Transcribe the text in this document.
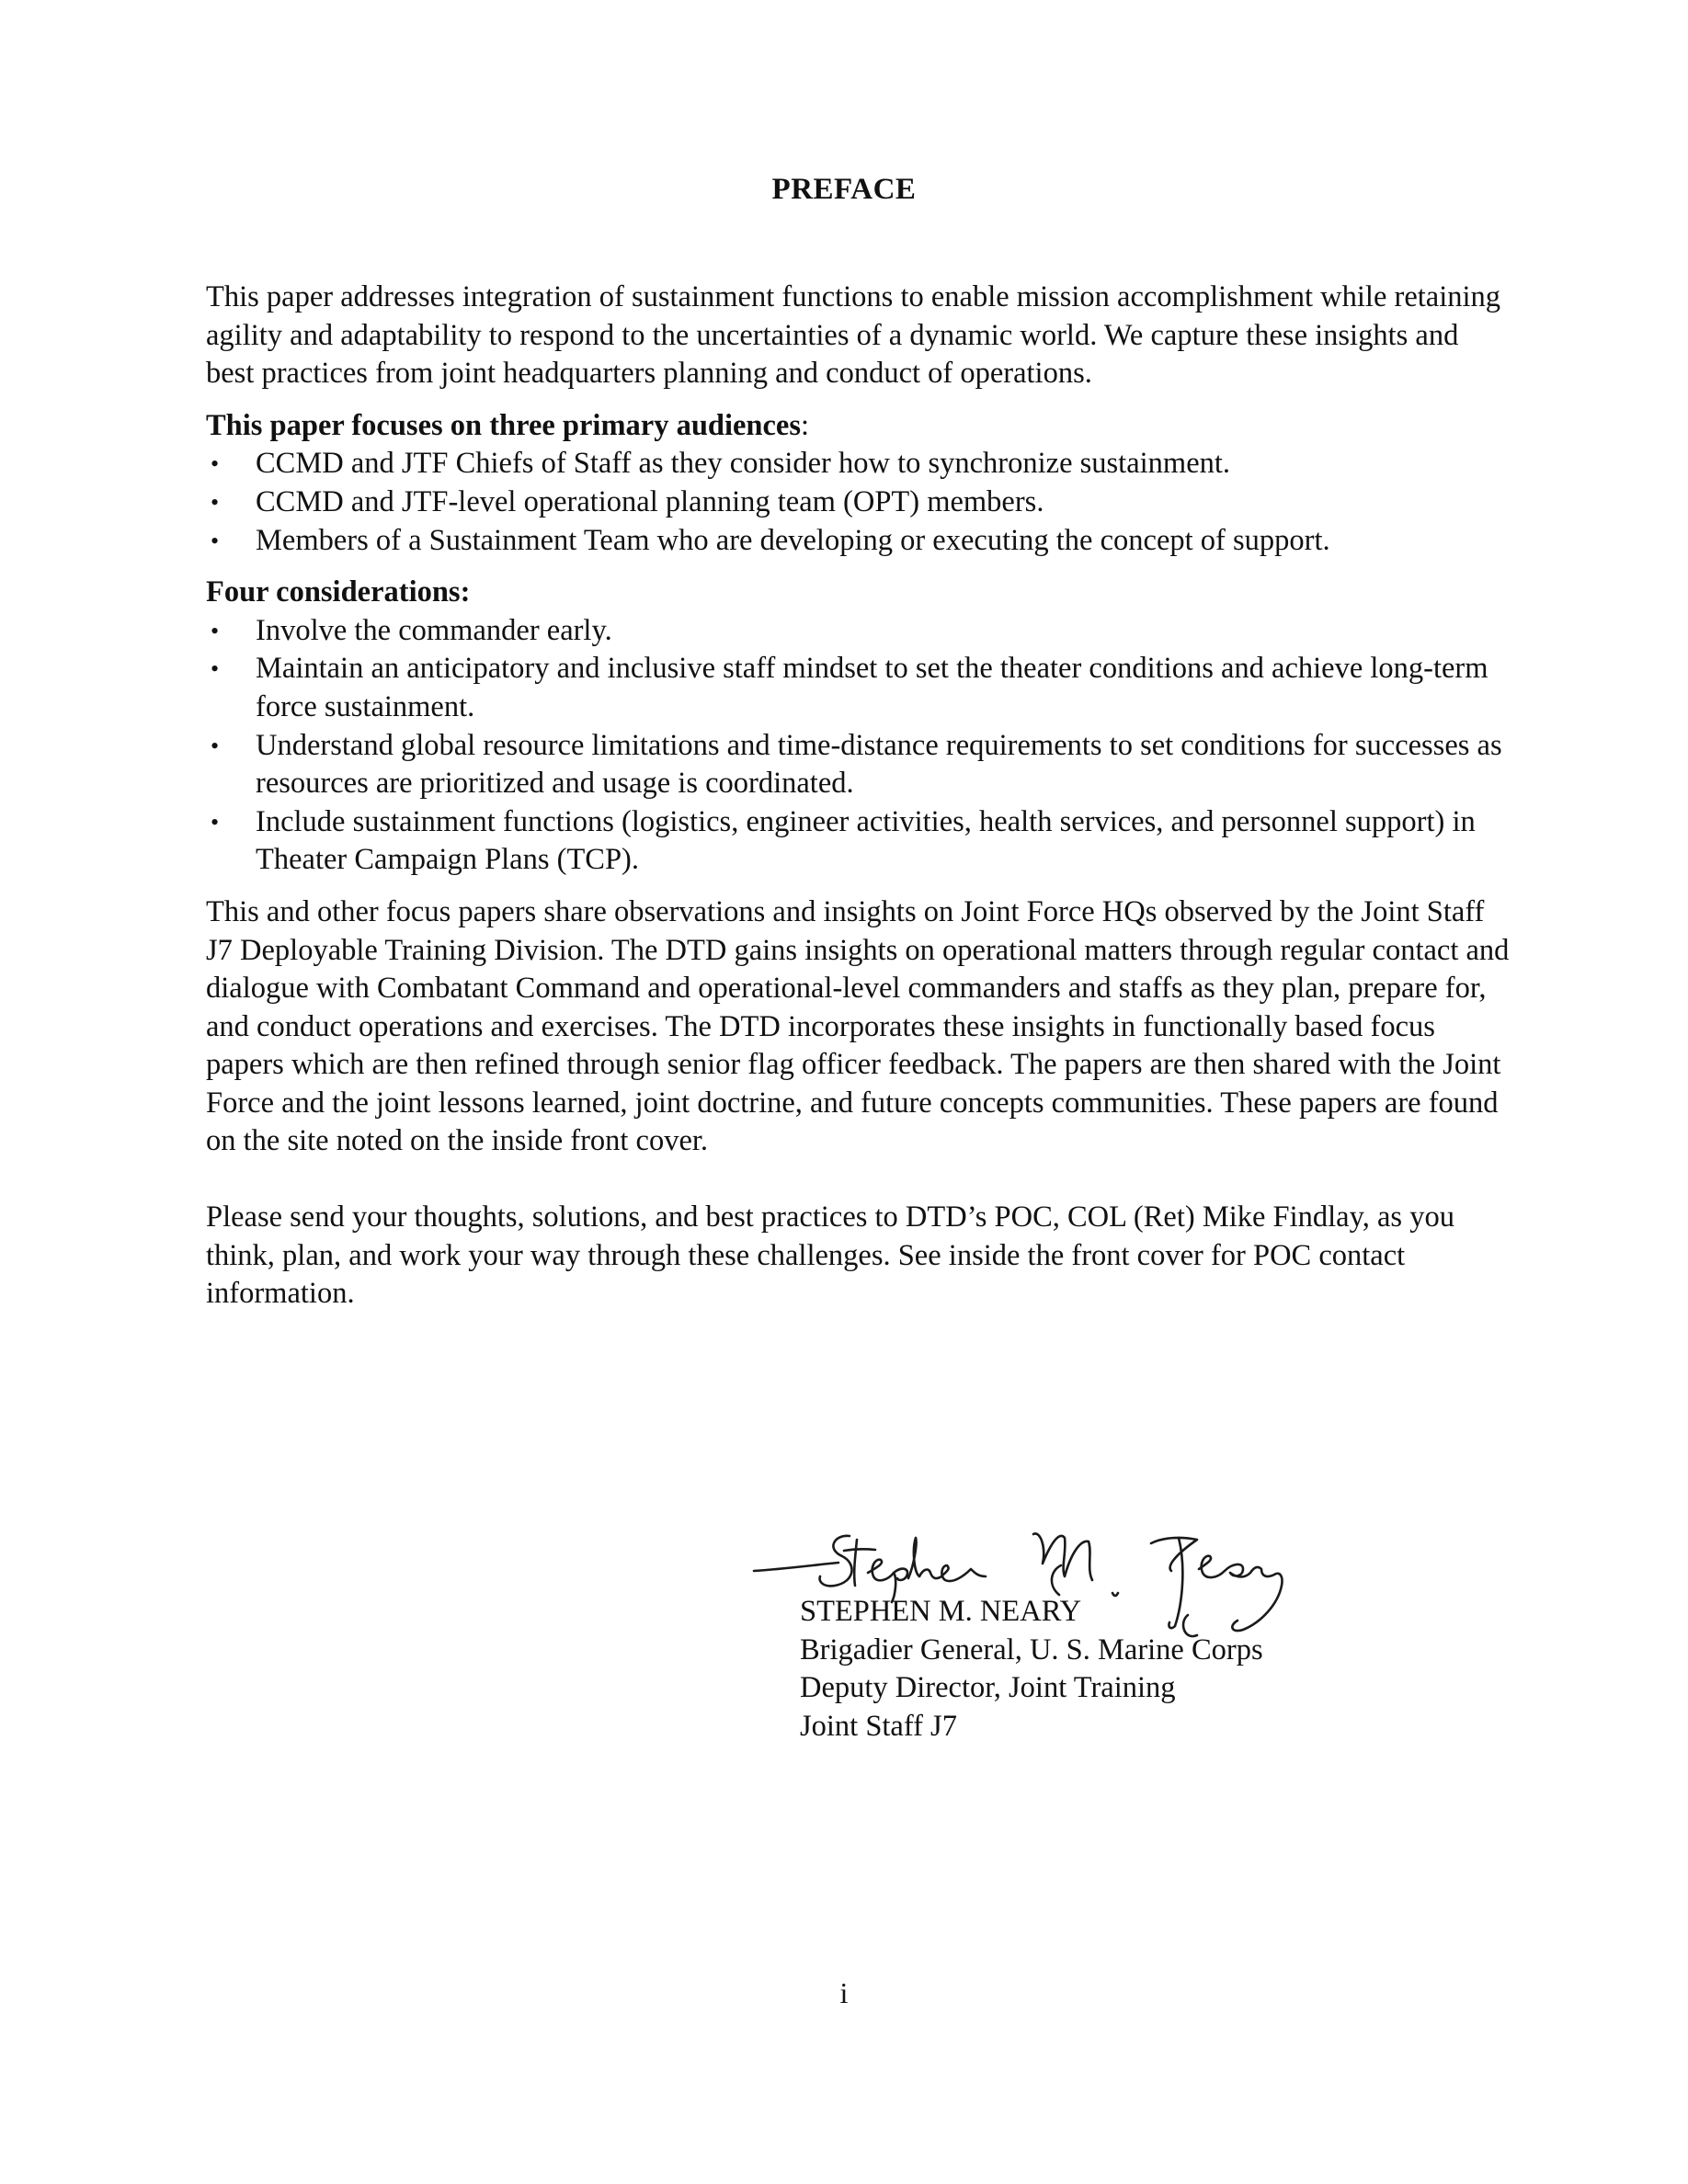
PREFACE

This paper addresses integration of sustainment functions to enable mission accomplishment while retaining agility and adaptability to respond to the uncertainties of a dynamic world. We capture these insights and best practices from joint headquarters planning and conduct of operations.

This paper focuses on three primary audiences:

• CCMD and JTF Chiefs of Staff as they consider how to synchronize sustainment.
• CCMD and JTF-level operational planning team (OPT) members.
• Members of a Sustainment Team who are developing or executing the concept of support.

Four considerations:

• Involve the commander early.
• Maintain an anticipatory and inclusive staff mindset to set the theater conditions and achieve long-term force sustainment.
• Understand global resource limitations and time-distance requirements to set conditions for successes as resources are prioritized and usage is coordinated.
• Include sustainment functions (logistics, engineer activities, health services, and personnel support) in Theater Campaign Plans (TCP).

This and other focus papers share observations and insights on Joint Force HQs observed by the Joint Staff J7 Deployable Training Division. The DTD gains insights on operational matters through regular contact and dialogue with Combatant Command and operational-level commanders and staffs as they plan, prepare for, and conduct operations and exercises. The DTD incorporates these insights in functionally based focus papers which are then refined through senior flag officer feedback. The papers are then shared with the Joint Force and the joint lessons learned, joint doctrine, and future concepts communities. These papers are found on the site noted on the inside front cover.

Please send your thoughts, solutions, and best practices to DTD’s POC, COL (Ret) Mike Findlay, as you think, plan, and work your way through these challenges. See inside the front cover for POC contact information.

STEPHEN M. NEARY
Brigadier General, U. S. Marine Corps
Deputy Director, Joint Training
Joint Staff J7
i
